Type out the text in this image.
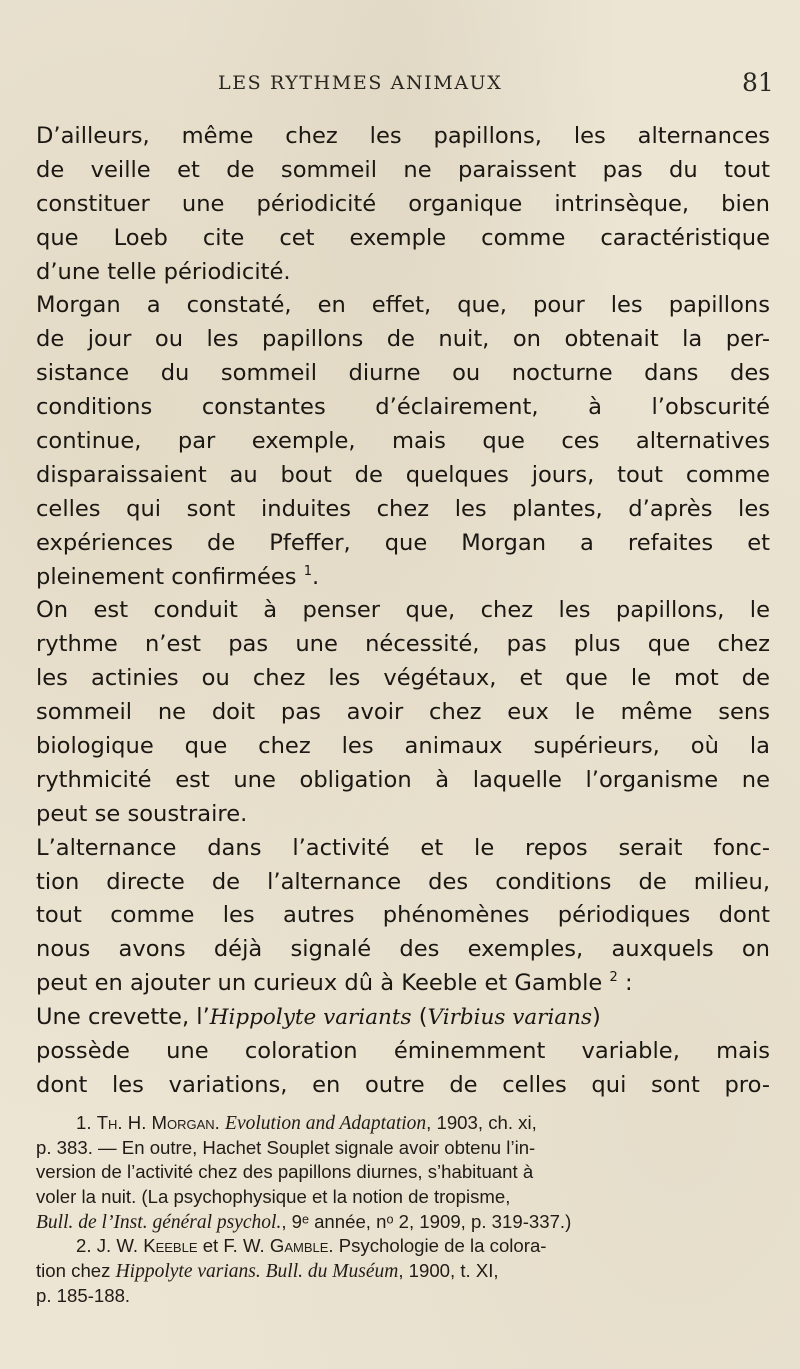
LES RYTHMES ANIMAUX	81
D’ailleurs, même chez les papillons, les alternances
de veille et de sommeil ne paraissent pas du tout
constituer une périodicité organique intrinsèque, bien
que Loeb cite cet exemple comme caractéristique
d’une telle périodicité.
Morgan a constaté, en effet, que, pour les papillons
de jour ou les papillons de nuit, on obtenait la per-
sistance du sommeil diurne ou nocturne dans des
conditions constantes d’éclairement, à l’obscurité
continue, par exemple, mais que ces alternatives
disparaissaient au bout de quelques jours, tout comme
celles qui sont induites chez les plantes, d’après les
expériences de Pfeffer, que Morgan a refaites et
pleinement confirmées $^1$.
On est conduit à penser que, chez les papillons, le
rythme n’est pas une nécessité, pas plus que chez
les actinies ou chez les végétaux, et que le mot de
sommeil ne doit pas avoir chez eux le même sens
biologique que chez les animaux supérieurs, où la
rythmicité est une obligation à laquelle l’organisme ne
peut se soustraire.
L’alternance dans l’activité et le repos serait fonc-
tion directe de l’alternance des conditions de milieu,
tout comme les autres phénomènes périodiques dont
nous avons déjà signalé des exemples, auxquels on
peut en ajouter un curieux dû à Keeble et Gamble $^2$ :
Une crevette, l’Hippolyte variants (Virbius varians)
possède une coloration éminemment variable, mais
dont les variations, en outre de celles qui sont pro-
1. Th. H. Morgan. Evolution and Adaptation, 1903, ch. xi,
p. 383. — En outre, Hachet Souplet signale avoir obtenu l’in-
version de l’activité chez des papillons diurnes, s’habituant à
voler la nuit. (La psychophysique et la notion de tropisme,
Bull. de l’Inst. général psychol., 9ᵉ année, nᵒ 2, 1909, p. 319-337.)
2. J. W. Keeble et F. W. Gamble. Psychologie de la colora-
tion chez Hippolyte varians. Bull. du Muséum, 1900, t. XI,
p. 185-188.
